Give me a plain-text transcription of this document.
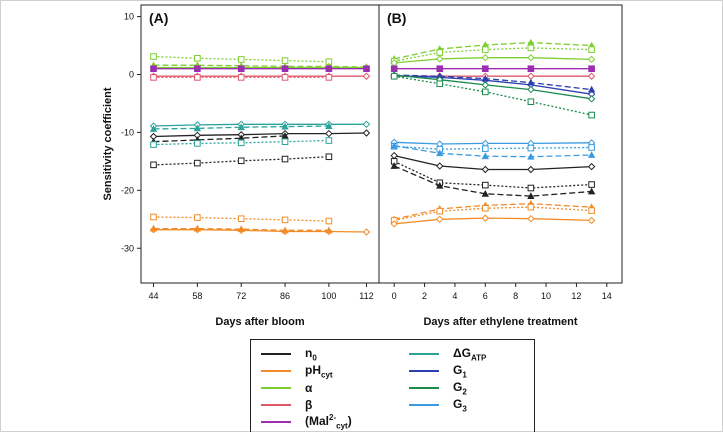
(A)
44	58	72	86	100	112
Days after bloom
10
0
-10
-20
-30
Sensitivity coefficient
(B)
0	2	4	6	8	10 12 14
Days after ethylene treatment
$n_0$
$pH_{cyt}$
α
β
(Mal$^{2-}_{cyt}$)
$\Delta G_{ATP}$
$G_1$
$G_2$
$G_3$
